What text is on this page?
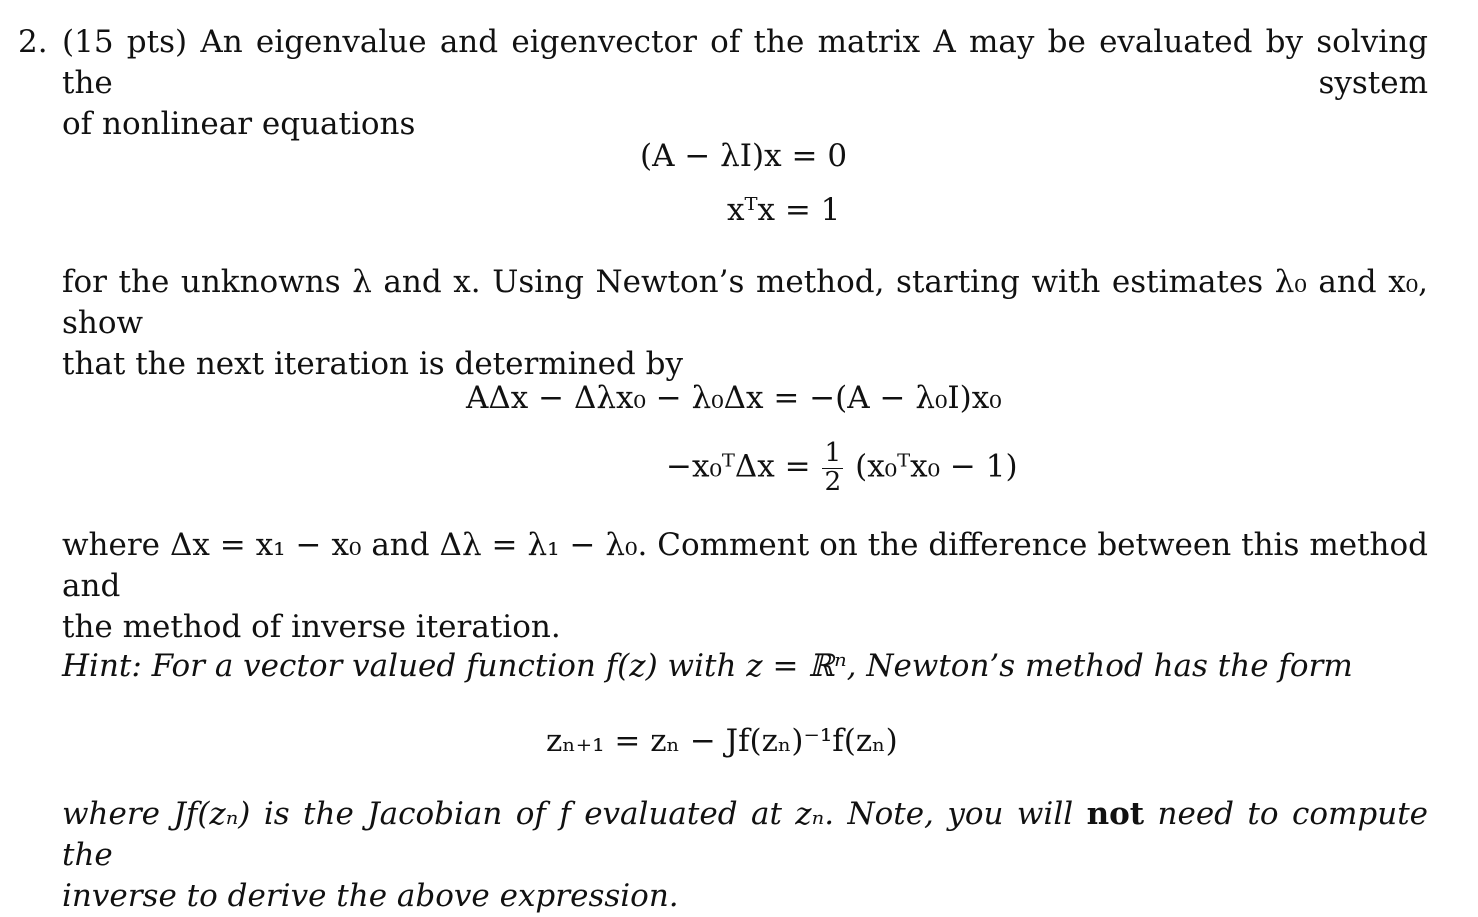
2. (15 pts) An eigenvalue and eigenvector of the matrix A may be evaluated by solving the system
of nonlinear equations
(A − λI)x = 0
xᵀx = 1
for the unknowns λ and x. Using Newton’s method, starting with estimates λ₀ and x₀, show
that the next iteration is determined by
AΔx − Δλx₀ − λ₀Δx = −(A − λ₀I)x₀
−x₀ᵀΔx = $\frac{1}{2}$ (x₀ᵀx₀ − 1)
where Δx = x₁ − x₀ and Δλ = λ₁ − λ₀. Comment on the difference between this method and
the method of inverse iteration.
Hint: For a vector valued function f(z) with z = ℝⁿ, Newton’s method has the form
zₙ₊₁ = zₙ − Jf(zₙ)⁻¹f(zₙ)
where Jf(zₙ) is the Jacobian of f evaluated at zₙ. Note, you will not need to compute the
inverse to derive the above expression.
